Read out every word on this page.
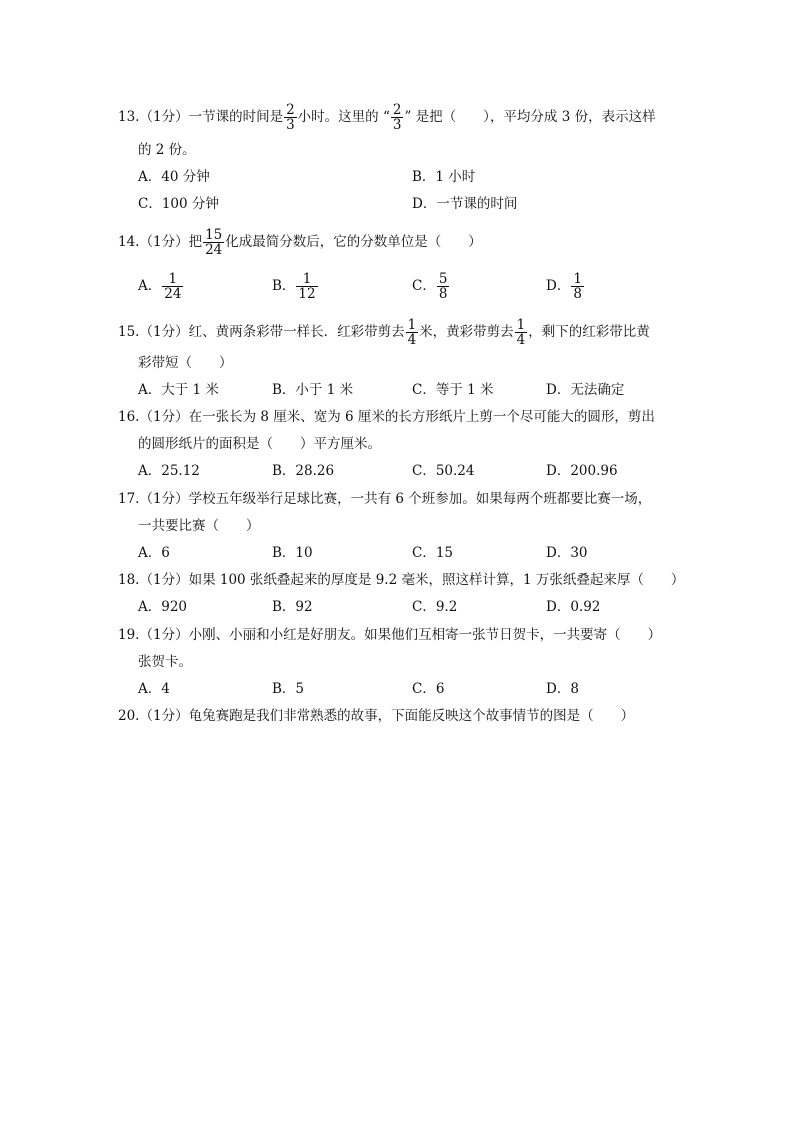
13.（1分）一节课的时间是 $\frac{2}{3}$ 小时。这里的 “ $\frac{2}{3}$ ” 是把（　　），平均分成 3 份，表示这样
的 2 份。
A．40 分钟	B．1 小时
C．100 分钟	D．一节课的时间
14.（1分）把 $\frac{15}{24}$ 化成最简分数后，它的分数单位是（　　）
A． $\frac{1}{24}$	B． $\frac{1}{12}$	C． $\frac{5}{8}$	D． $\frac{1}{8}$
15.（1分）红、黄两条彩带一样长．红彩带剪去 $\frac{1}{4}$ 米，黄彩带剪去 $\frac{1}{4}$ ，剩下的红彩带比黄
彩带短（　　）
A．大于 1 米	B．小于 1 米	C．等于 1 米	D．无法确定
16.（1分）在一张长为 8 厘米、宽为 6 厘米的长方形纸片上剪一个尽可能大的圆形，剪出
的圆形纸片的面积是（　　）平方厘米。
A．25.12	B．28.26	C．50.24	D．200.96
17.（1分）学校五年级举行足球比赛，一共有 6 个班参加。如果每两个班都要比赛一场，
一共要比赛（　　）
A．6	B．10	C．15	D．30
18.（1分）如果 100 张纸叠起来的厚度是 9.2 毫米，照这样计算，1 万张纸叠起来厚（　　）
A．920	B．92	C．9.2	D．0.92
19.（1分）小刚、小丽和小红是好朋友。如果他们互相寄一张节日贺卡，一共要寄（　　）
张贺卡。
A．4	B．5	C．6	D．8
20.（1分）龟兔赛跑是我们非常熟悉的故事，下面能反映这个故事情节的图是（　　）
